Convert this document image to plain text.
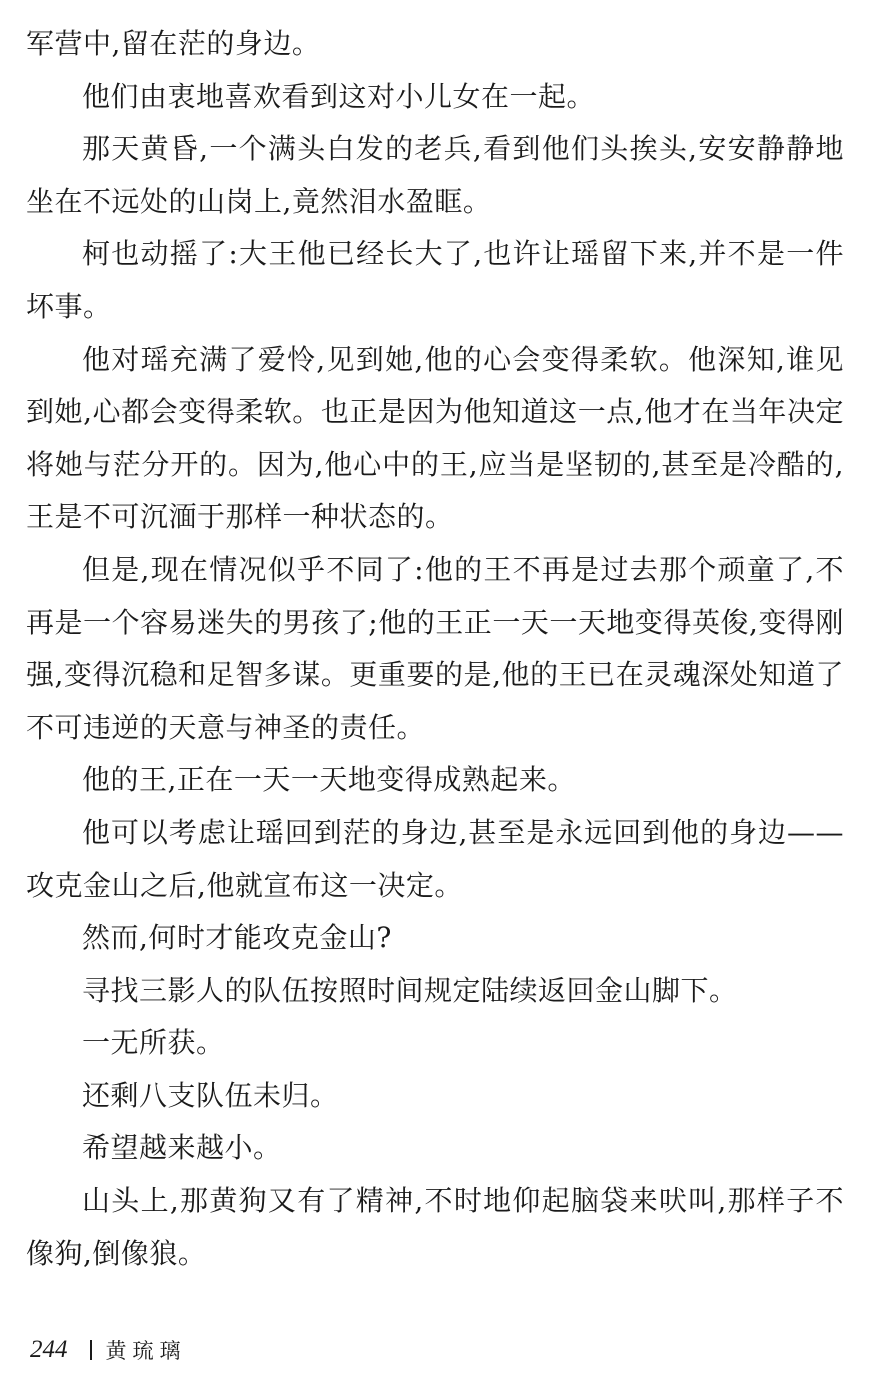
军营中,留在茫的身边。

他们由衷地喜欢看到这对小儿女在一起。

那天黄昏,一个满头白发的老兵,看到他们头挨头,安安静静地坐在不远处的山岗上,竟然泪水盈眶。

柯也动摇了:大王他已经长大了,也许让瑶留下来,并不是一件坏事。

他对瑶充满了爱怜,见到她,他的心会变得柔软。他深知,谁见到她,心都会变得柔软。也正是因为他知道这一点,他才在当年决定将她与茫分开的。因为,他心中的王,应当是坚韧的,甚至是冷酷的,王是不可沉湎于那样一种状态的。

但是,现在情况似乎不同了:他的王不再是过去那个顽童了,不再是一个容易迷失的男孩了;他的王正一天一天地变得英俊,变得刚强,变得沉稳和足智多谋。更重要的是,他的王已在灵魂深处知道了不可违逆的天意与神圣的责任。

他的王,正在一天一天地变得成熟起来。

他可以考虑让瑶回到茫的身边,甚至是永远回到他的身边——攻克金山之后,他就宣布这一决定。

然而,何时才能攻克金山?

寻找三影人的队伍按照时间规定陆续返回金山脚下。

一无所获。

还剩八支队伍未归。

希望越来越小。

山头上,那黄狗又有了精神,不时地仰起脑袋来吠叫,那样子不像狗,倒像狼。

244 黄琉璃
